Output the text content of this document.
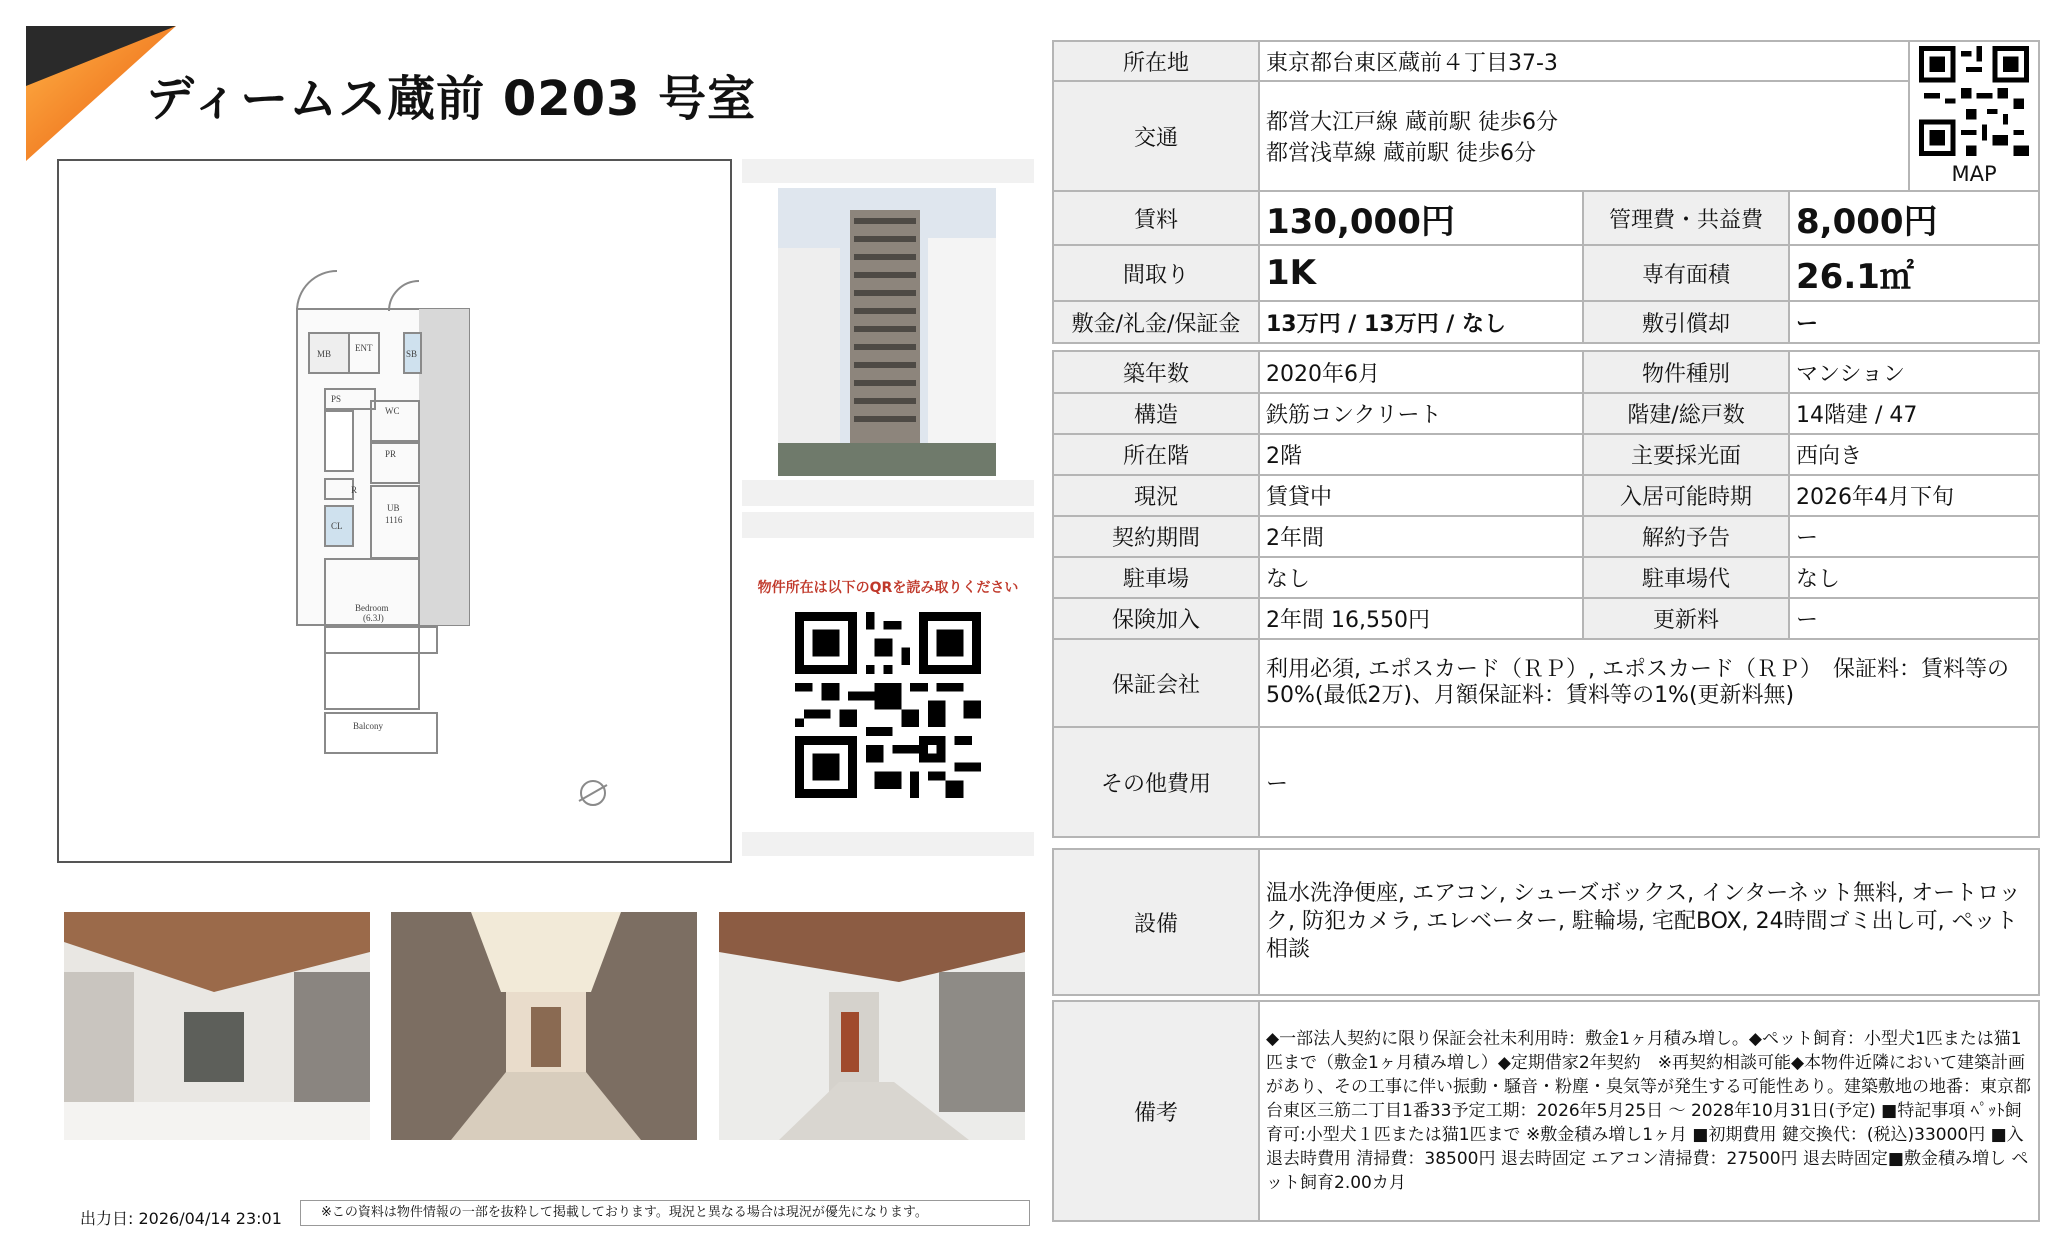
ディームス蔵前 0203 号室
MB
ENT
SB
PS
WC
PR
R
UB
1116
CL
Bedroom
(6.3J)
Balcony
物件所在は以下のQRを読み取りください
出力日: 2026/04/14 23:01	※この資料は物件情報の一部を抜粋して掲載しております。現況と異なる場合は現況が優先になります。
所在地	東京都台東区蔵前４丁目37-3			MAP

交通	都営大江戸線 蔵前駅 徒歩6分
都営浅草線 蔵前駅 徒歩6分			

賃料	130,000円	管理費・共益費	8,000円	
間取り	1K	専有面積	26.1㎡	
敷金/礼金/保証金	13万円 / 13万円 / なし	敷引償却	ー	
築年数	2020年6月	物件種別	マンション
構造	鉄筋コンクリート	階建/総戸数	14階建 / 47
所在階	2階	主要採光面	西向き
現況	賃貸中	入居可能時期	2026年4月下旬
契約期間	2年間	解約予告	ー
駐車場	なし	駐車場代	なし
保険加入	2年間 16,550円	更新料	ー
保証会社	利用必須, エポスカード（ＲＰ）, エポスカード（ＲＰ）　保証料：賃料等の50%(最低2万)、月額保証料：賃料等の1%(更新料無)		
その他費用	ー		
設備	温水洗浄便座, エアコン, シューズボックス, インターネット無料, オートロック, 防犯カメラ, エレベーター, 駐輪場, 宅配BOX, 24時間ゴミ出し可, ペット相談
備考	◆一部法人契約に限り保証会社未利用時：敷金1ヶ月積み増し。◆ペット飼育：小型犬1匹または猫1匹まで（敷金1ヶ月積み増し）◆定期借家2年契約　※再契約相談可能◆本物件近隣において建築計画があり、その工事に伴い振動・騒音・粉塵・臭気等が発生する可能性あり。建築敷地の地番：東京都台東区三筋二丁目1番33予定工期：2026年5月25日 ～ 2028年10月31日(予定) ■特記事項 ﾍﾟｯﾄ飼育可:小型犬１匹または猫1匹まで ※敷金積み増し1ヶ月 ■初期費用 鍵交換代：(税込)33000円 ■入退去時費用 清掃費：38500円 退去時固定 エアコン清掃費：27500円 退去時固定■敷金積み増し ペット飼育2.00カ月
